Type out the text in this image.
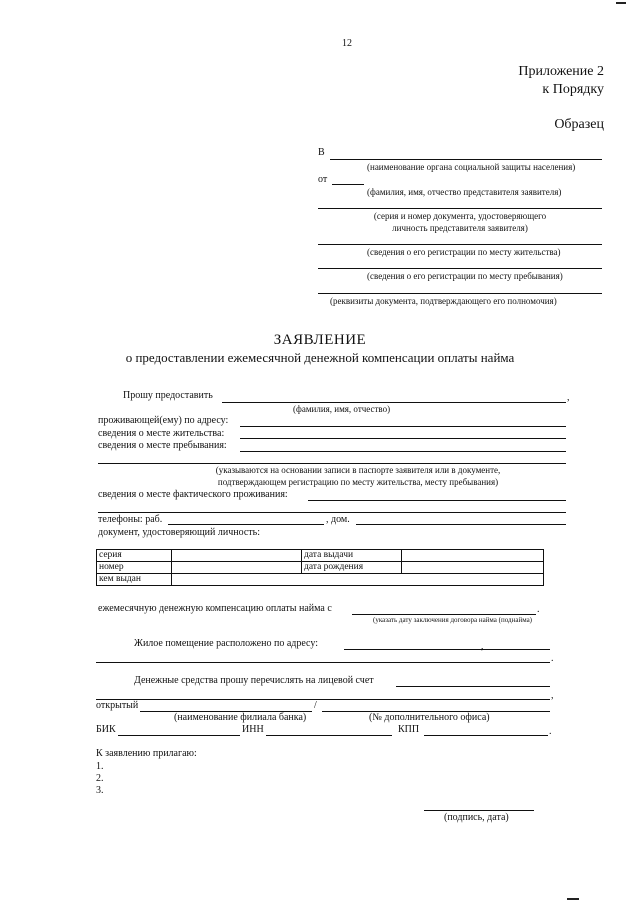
12
Приложение 2
к Порядку
Образец
В
(наименование органа социальной защиты населения)
от
(фамилия, имя, отчество представителя заявителя)
(серия и номер документа, удостоверяющего
личность представителя заявителя)
(сведения о его регистрации по месту жительства)
(сведения о его регистрации по месту пребывания)
(реквизиты документа, подтверждающего его полномочия)
ЗАЯВЛЕНИЕ
о предоставлении ежемесячной денежной компенсации оплаты найма
Прошу предоставить	,
(фамилия, имя, отчество)
проживающей(ему) по адресу:
сведения о месте жительства:
сведения о месте пребывания:
(указываются на основании записи в паспорте заявителя или в документе,
подтверждающем регистрацию по месту жительства, месту пребывания)
сведения о месте фактического проживания:
телефоны: раб.	, дом.
документ, удостоверяющий личность:
серия		дата выдачи	
номер		дата рождения	
кем выдан			
ежемесячную денежную компенсацию оплаты найма с	.
(указать дату заключения договора найма (поднайма)
Жилое помещение расположено по адресу:	,
.
Денежные средства прошу перечислять на лицевой счет
,
открытый	/
(наименование филиала банка)	(№ дополнительного офиса)
БИК	ИНН	КПП	.
К заявлению прилагаю:
1.
2.
3.
(подпись, дата)
